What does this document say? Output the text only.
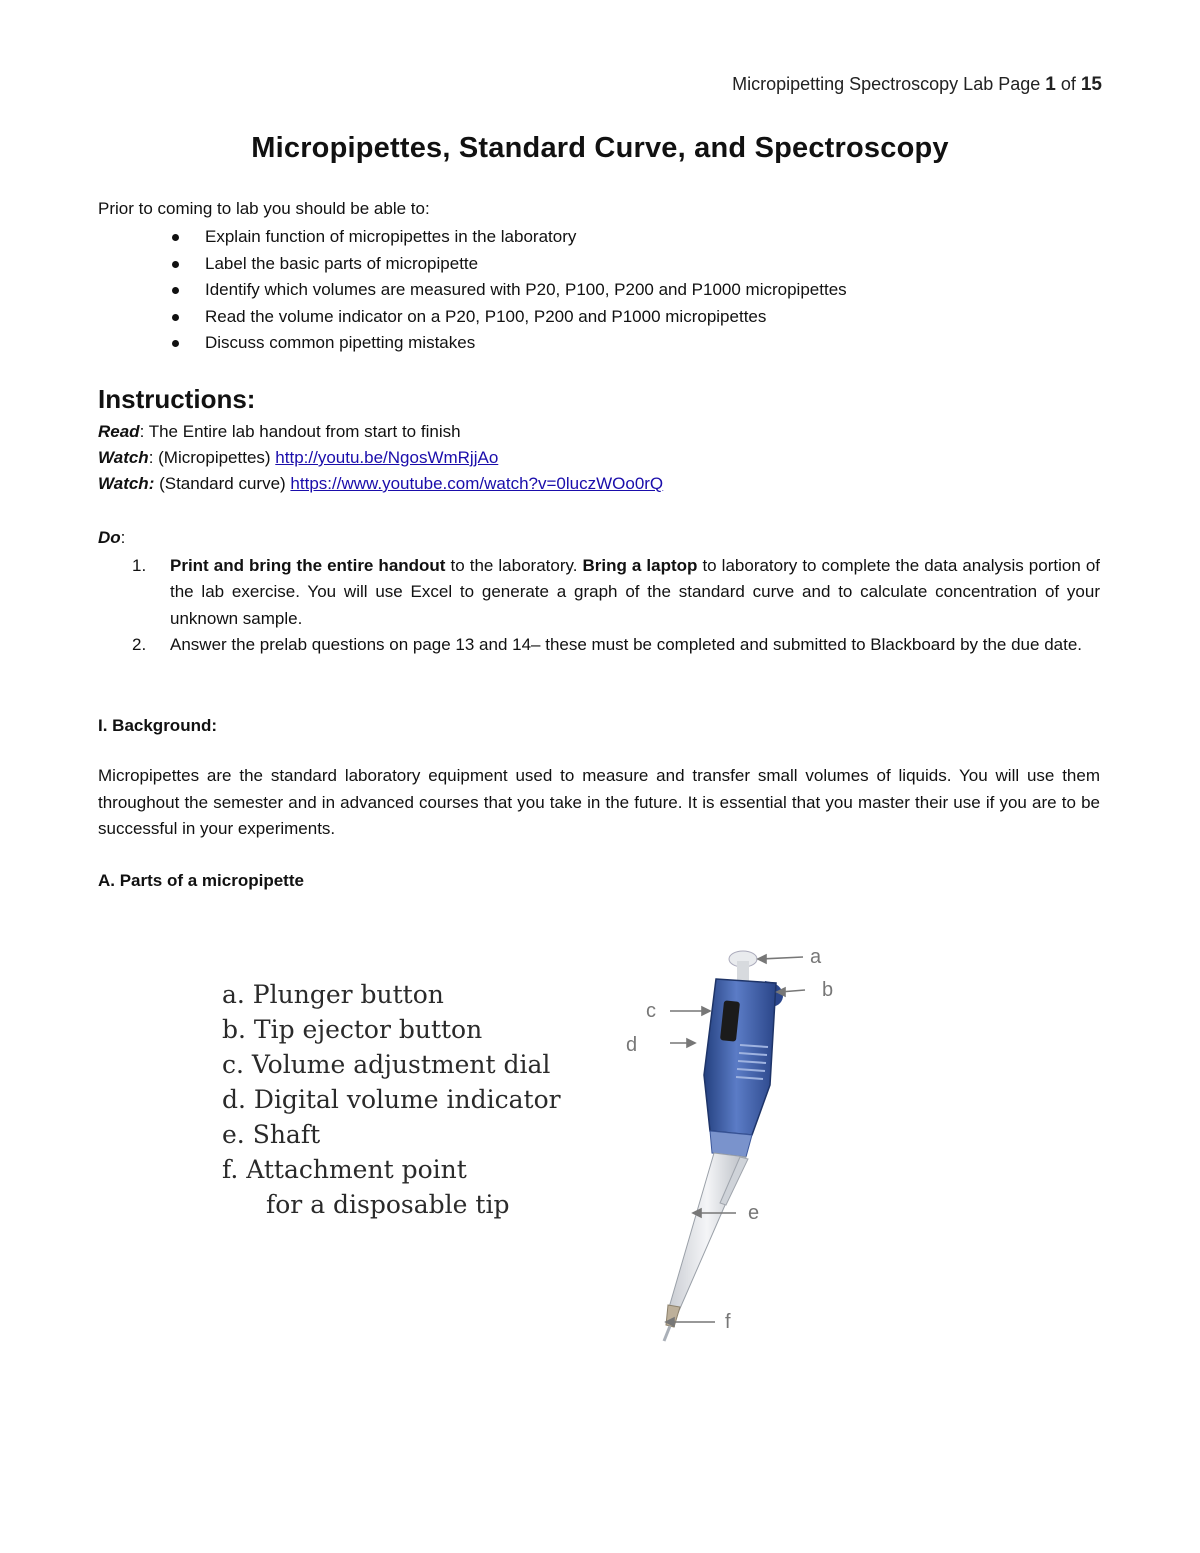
Micropipetting Spectroscopy Lab Page 1 of 15
Micropipettes, Standard Curve, and Spectroscopy
Prior to coming to lab you should be able to:
Explain function of micropipettes in the laboratory
Label the basic parts of micropipette
Identify which volumes are measured with P20, P100, P200 and P1000 micropipettes
Read the volume indicator on a P20, P100, P200 and P1000 micropipettes
Discuss common pipetting mistakes
Instructions:
Read: The Entire lab handout from start to finish
Watch: (Micropipettes) http://youtu.be/NgosWmRjjAo
Watch: (Standard curve) https://www.youtube.com/watch?v=0luczWOo0rQ
Do:
1. Print and bring the entire handout to the laboratory. Bring a laptop to laboratory to complete the data analysis portion of the lab exercise. You will use Excel to generate a graph of the standard curve and to calculate concentration of your unknown sample.
2. Answer the prelab questions on page 13 and 14– these must be completed and submitted to Blackboard by the due date.
I. Background:
Micropipettes are the standard laboratory equipment used to measure and transfer small volumes of liquids. You will use them throughout the semester and in advanced courses that you take in the future. It is essential that you master their use if you are to be successful in your experiments.
A. Parts of a micropipette
a. Plunger button
b. Tip ejector button
c. Volume adjustment dial
d. Digital volume indicator
e. Shaft
f. Attachment point
for a disposable tip
a
b
c
d
e
f
